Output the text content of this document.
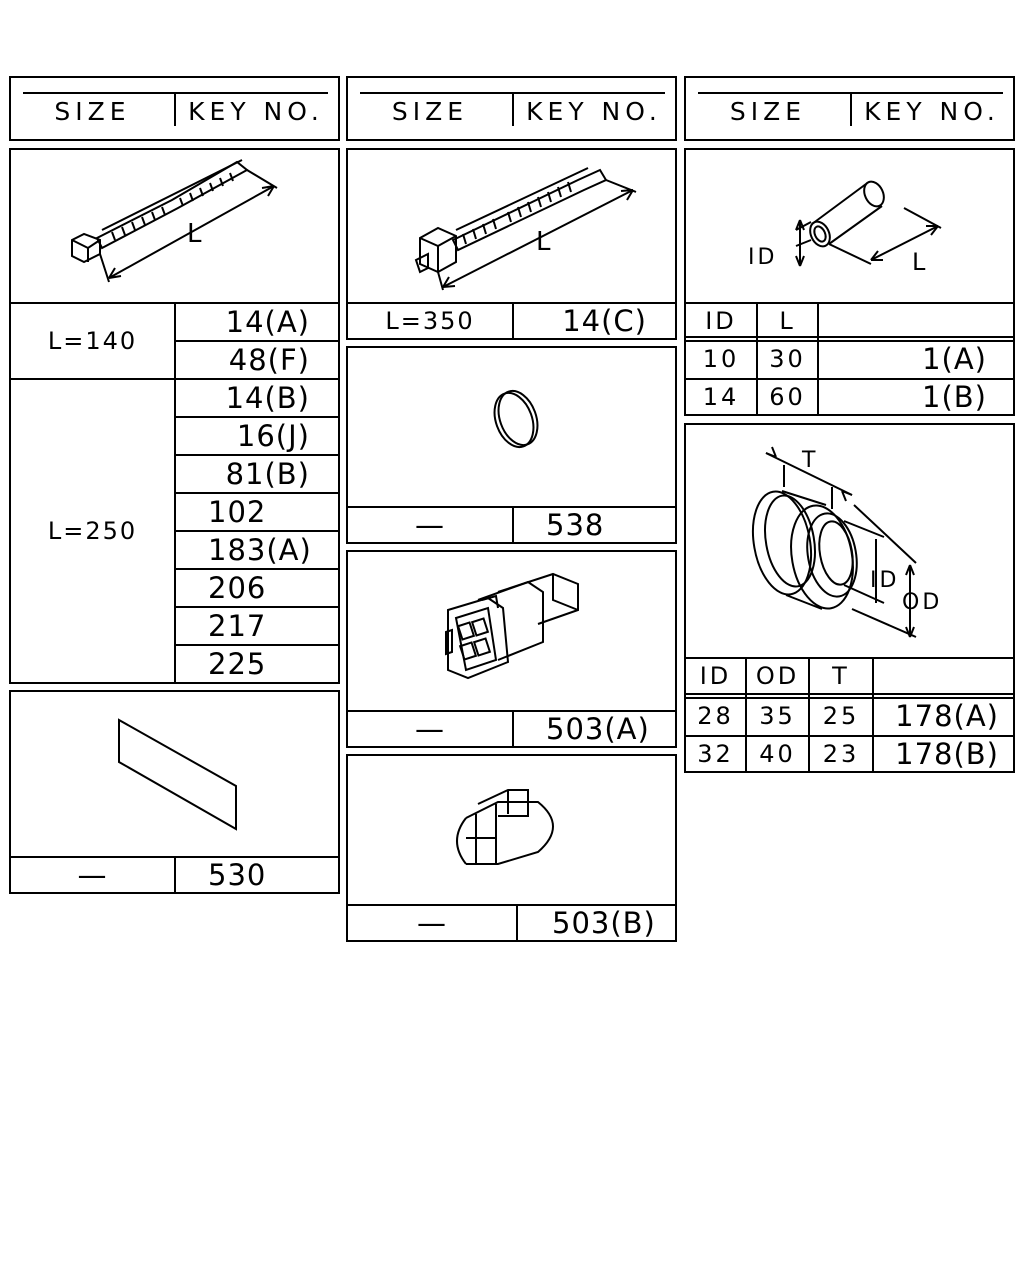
SIZE	KEY NO.	SIZE	KEY NO.	SIZE	KEY NO.
L
L=140
14(A)
48(F)
L=250
14(B)
16(J)
81(B)
102
183(A)
206
217
225
—	530
L
L=350	14(C)
—	538
—	503(A)
—	503(B)
ID	L
ID	L
10	30	1(A)
14	60	1(B)
T
ID
OD
ID	OD	T
28	35	25	178(A)
32	40	23	178(B)
